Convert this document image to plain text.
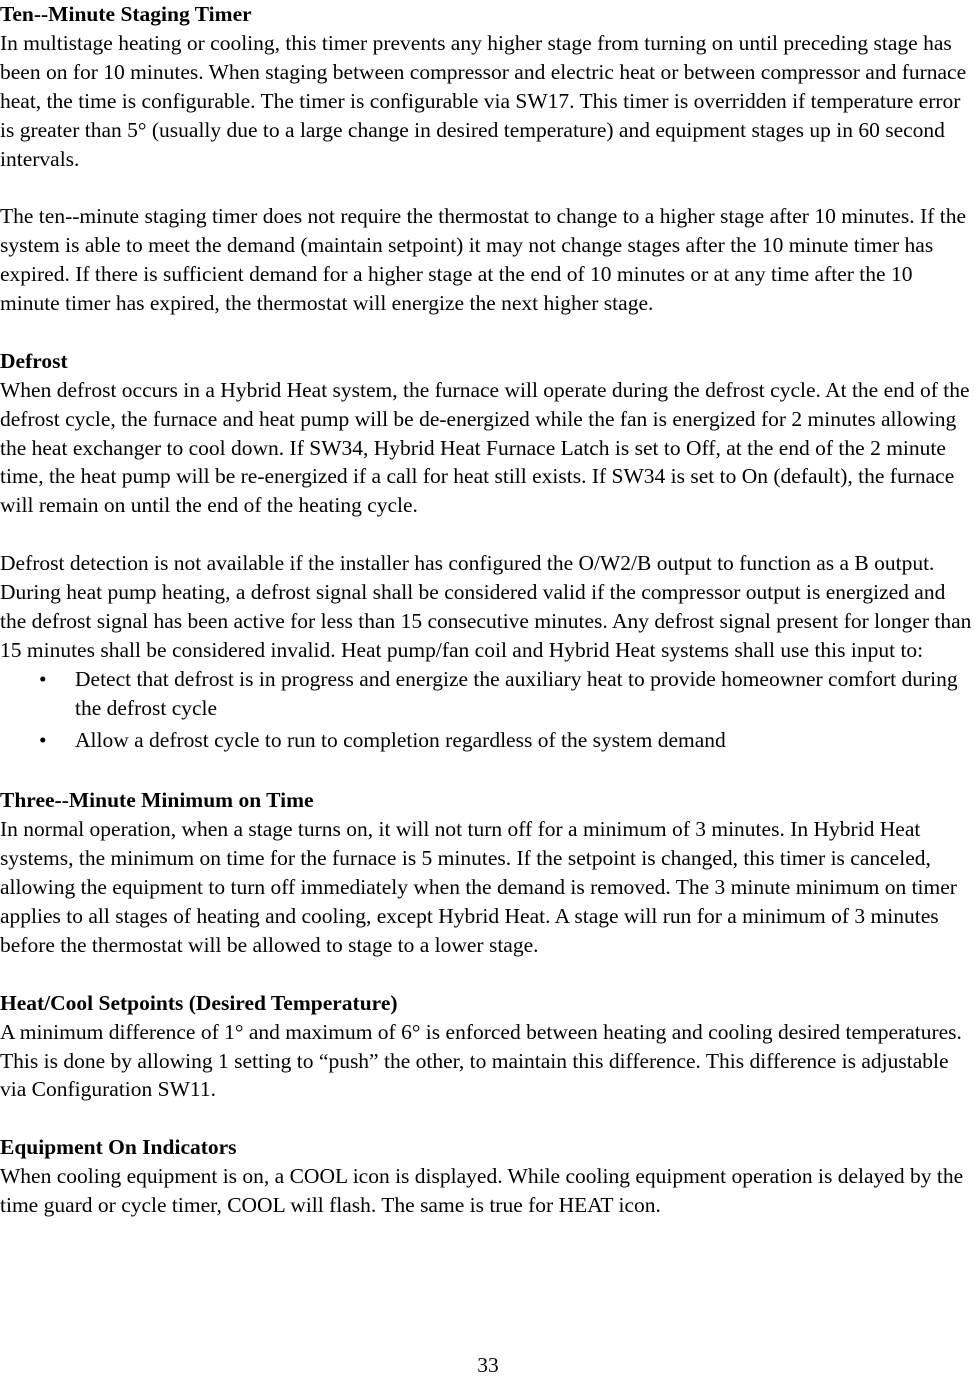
Ten--Minute Staging Timer

In multistage heating or cooling, this timer prevents any higher stage from turning on until preceding stage has been on for 10 minutes. When staging between compressor and electric heat or between compressor and furnace heat, the time is configurable. The timer is configurable via SW17. This timer is overridden if temperature error is greater than 5° (usually due to a large change in desired temperature) and equipment stages up in 60 second intervals.

The ten--minute staging timer does not require the thermostat to change to a higher stage after 10 minutes. If the system is able to meet the demand (maintain setpoint) it may not change stages after the 10 minute timer has expired. If there is sufficient demand for a higher stage at the end of 10 minutes or at any time after the 10 minute timer has expired, the thermostat will energize the next higher stage.

Defrost

When defrost occurs in a Hybrid Heat system, the furnace will operate during the defrost cycle. At the end of the defrost cycle, the furnace and heat pump will be de-energized while the fan is energized for 2 minutes allowing the heat exchanger to cool down. If SW34, Hybrid Heat Furnace Latch is set to Off, at the end of the 2 minute time, the heat pump will be re-energized if a call for heat still exists. If SW34 is set to On (default), the furnace will remain on until the end of the heating cycle.

Defrost detection is not available if the installer has configured the O/W2/B output to function as a B output. During heat pump heating, a defrost signal shall be considered valid if the compressor output is energized and the defrost signal has been active for less than 15 consecutive minutes. Any defrost signal present for longer than 15 minutes shall be considered invalid. Heat pump/fan coil and Hybrid Heat systems shall use this input to:

• Detect that defrost is in progress and energize the auxiliary heat to provide homeowner comfort during the defrost cycle
• Allow a defrost cycle to run to completion regardless of the system demand

Three--Minute Minimum on Time

In normal operation, when a stage turns on, it will not turn off for a minimum of 3 minutes. In Hybrid Heat systems, the minimum on time for the furnace is 5 minutes. If the setpoint is changed, this timer is canceled, allowing the equipment to turn off immediately when the demand is removed. The 3 minute minimum on timer applies to all stages of heating and cooling, except Hybrid Heat. A stage will run for a minimum of 3 minutes before the thermostat will be allowed to stage to a lower stage.

Heat/Cool Setpoints (Desired Temperature)

A minimum difference of 1° and maximum of 6° is enforced between heating and cooling desired temperatures. This is done by allowing 1 setting to “push” the other, to maintain this difference. This difference is adjustable via Configuration SW11.

Equipment On Indicators

When cooling equipment is on, a COOL icon is displayed. While cooling equipment operation is delayed by the time guard or cycle timer, COOL will flash. The same is true for HEAT icon.

33
